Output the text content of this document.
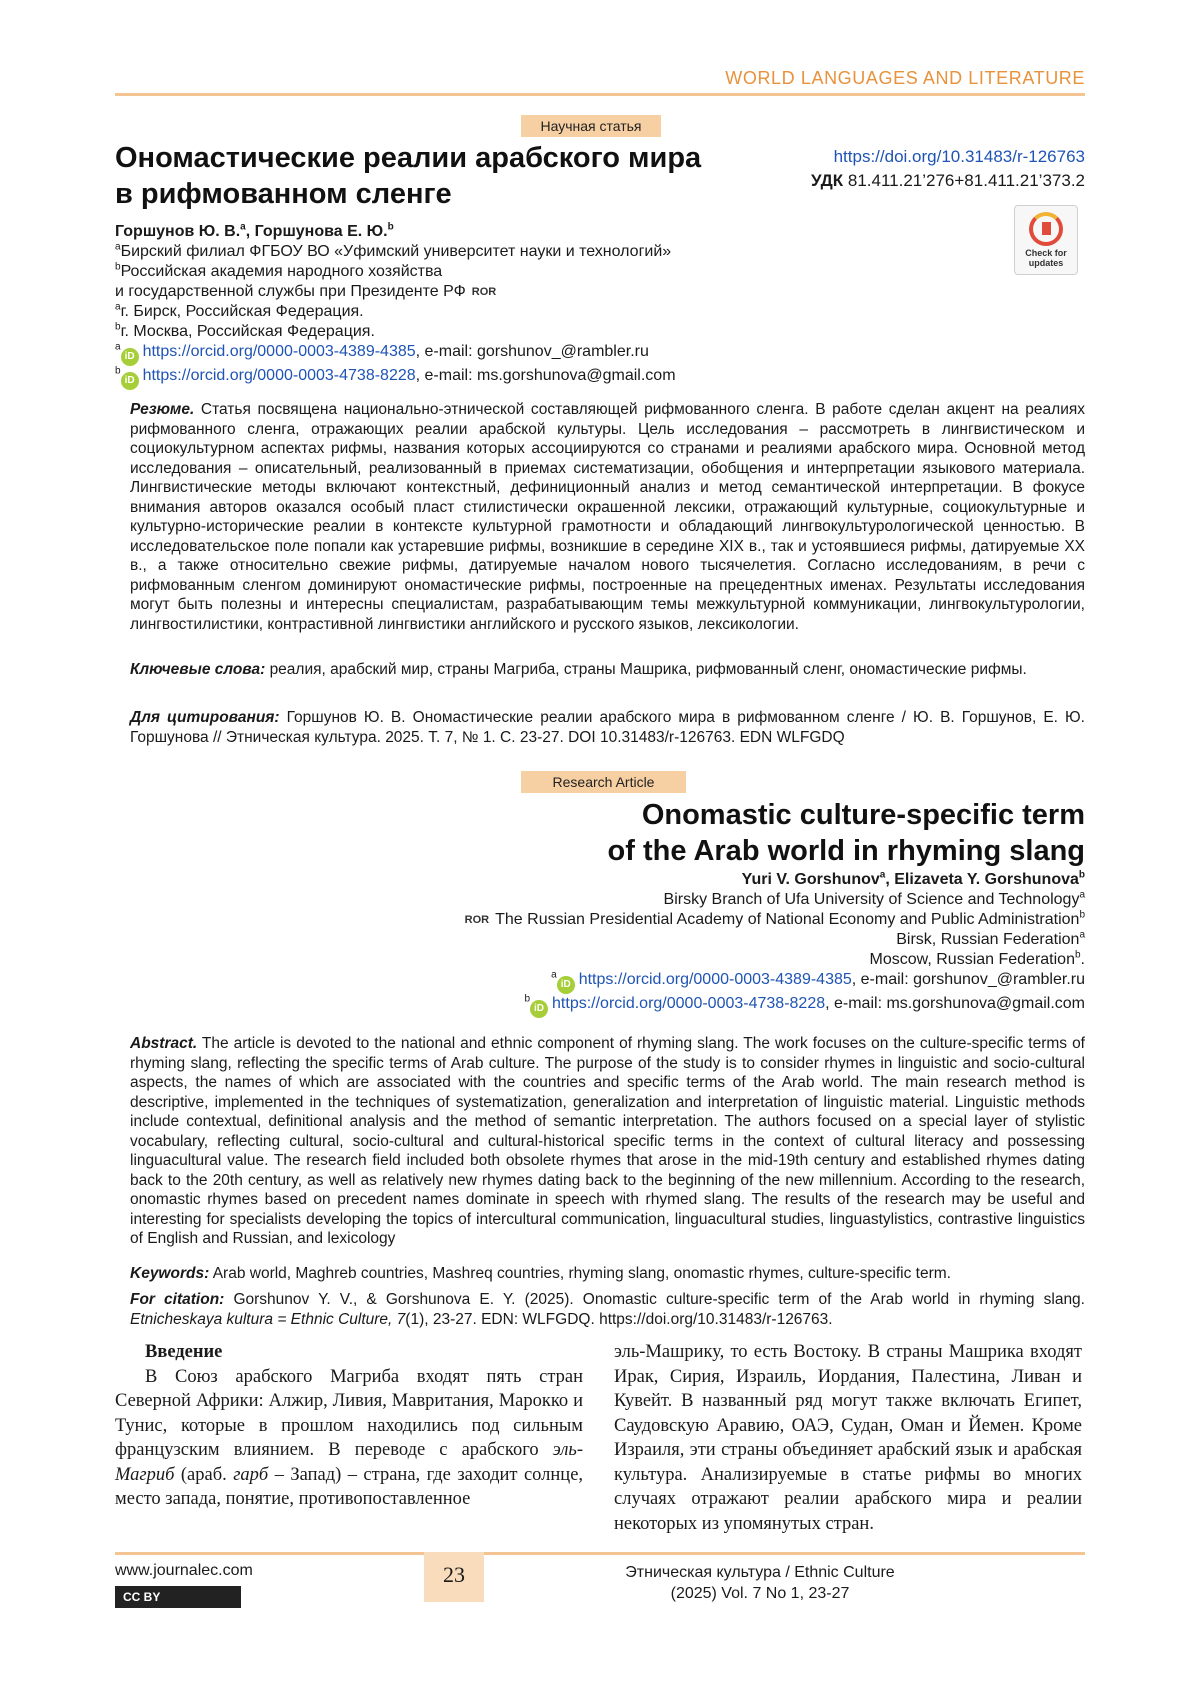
WORLD LANGUAGES AND LITERATURE
Научная статья
Ономастические реалии арабского мира в рифмованном сленге
https://doi.org/10.31483/r-126763
УДК 81.411.21’276+81.411.21’373.2
Check for
updates
Горшунов Ю. В.$^a$, Горшунова Е. Ю.$^b$
$^a$Бирский филиал ФГБОУ ВО «Уфимский университет науки и технологий»
$^b$Российская академия народного хозяйства
и государственной службы при Президенте РФ ROR
$^a$г. Бирск, Российская Федерация.
$^b$г. Москва, Российская Федерация.
$^a$iD https://orcid.org/0000-0003-4389-4385, e-mail: gorshunov_@rambler.ru
$^b$iD https://orcid.org/0000-0003-4738-8228, e-mail: ms.gorshunova@gmail.com
Резюме. Статья посвящена национально-этнической составляющей рифмованного сленга. В работе сделан акцент на реалиях рифмованного сленга, отражающих реалии арабской культуры. Цель исследования – рассмотреть в лингвистическом и социокультурном аспектах рифмы, названия которых ассоциируются со странами и реалиями арабского мира. Основной метод исследования – описательный, реализованный в приемах систематизации, обобщения и интерпретации языкового материала. Лингвистические методы включают контекстный, дефиниционный анализ и метод семантической интерпретации. В фокусе внимания авторов оказался особый пласт стилистически окрашенной лексики, отражающий культурные, социокультурные и культурно-исторические реалии в контексте культурной грамотности и обладающий лингвокультурологической ценностью. В исследовательское поле попали как устаревшие рифмы, возникшие в середине XIX в., так и устоявшиеся рифмы, датируемые XX в., а также относительно свежие рифмы, датируемые началом нового тысячелетия. Согласно исследованиям, в речи с рифмованным сленгом доминируют ономастические рифмы, построенные на прецедентных именах. Результаты исследования могут быть полезны и интересны специалистам, разрабатывающим темы межкультурной коммуникации, лингвокультурологии, лингвостилистики, контрастивной лингвистики английского и русского языков, лексикологии.
Ключевые слова: реалия, арабский мир, страны Магриба, страны Машрика, рифмованный сленг, ономастические рифмы.
Для цитирования: Горшунов Ю. В. Ономастические реалии арабского мира в рифмованном сленге / Ю. В. Горшунов, Е. Ю. Горшунова // Этническая культура. 2025. Т. 7, № 1. С. 23-27. DOI 10.31483/r-126763. EDN WLFGDQ
Research Article
Onomastic culture-specific term
of the Arab world in rhyming slang
Yuri V. Gorshunov$^a$, Elizaveta Y. Gorshunova$^b$
Birsky Branch of Ufa University of Science and Technology$^a$
ROR The Russian Presidential Academy of National Economy and Public Administration$^b$
Birsk, Russian Federation$^a$
Moscow, Russian Federation$^b$.
$^a$iD https://orcid.org/0000-0003-4389-4385, e-mail: gorshunov_@rambler.ru
$^b$iD https://orcid.org/0000-0003-4738-8228, e-mail: ms.gorshunova@gmail.com
Abstract. The article is devoted to the national and ethnic component of rhyming slang. The work focuses on the culture-specific terms of rhyming slang, reflecting the specific terms of Arab culture. The purpose of the study is to consider rhymes in linguistic and socio-cultural aspects, the names of which are associated with the countries and specific terms of the Arab world. The main research method is descriptive, implemented in the techniques of systematization, generalization and interpretation of linguistic material. Linguistic methods include contextual, definitional analysis and the method of semantic interpretation. The authors focused on a special layer of stylistic vocabulary, reflecting cultural, socio-cultural and cultural-historical specific terms in the context of cultural literacy and possessing linguacultural value. The research field included both obsolete rhymes that arose in the mid-19th century and established rhymes dating back to the 20th century, as well as relatively new rhymes dating back to the beginning of the new millennium. According to the research, onomastic rhymes based on precedent names dominate in speech with rhymed slang. The results of the research may be useful and interesting for specialists developing the topics of intercultural communication, linguacultural studies, linguastylistics, contrastive linguistics of English and Russian, and lexicology
Keywords: Arab world, Maghreb countries, Mashreq countries, rhyming slang, onomastic rhymes, culture-specific term.
For citation: Gorshunov Y. V., & Gorshunova E. Y. (2025). Onomastic culture-specific term of the Arab world in rhyming slang. Etnicheskaya kultura = Ethnic Culture, 7(1), 23-27. EDN: WLFGDQ. https://doi.org/10.31483/r-126763.
Введение

В Союз арабского Магриба входят пять стран Северной Африки: Алжир, Ливия, Мавритания, Марокко и Тунис, которые в прошлом находились под сильным французским влиянием. В переводе с арабского эль-Магриб (араб. гарб – Запад) – страна, где заходит солнце, место запада, понятие, противопоставленное

эль-Машрику, то есть Востоку. В страны Машрика входят Ирак, Сирия, Израиль, Иордания, Палестина, Ливан и Кувейт. В названный ряд могут также включать Египет, Саудовскую Аравию, ОАЭ, Судан, Оман и Йемен. Кроме Израиля, эти страны объединяет арабский язык и арабская культура. Анализируемые в статье рифмы во многих случаях отражают реалии арабского мира и реалии некоторых из упомянутых стран.

www.journalec.com
CC BY
23	Этническая культура / Ethnic Culture
(2025) Vol. 7 No 1, 23-27
